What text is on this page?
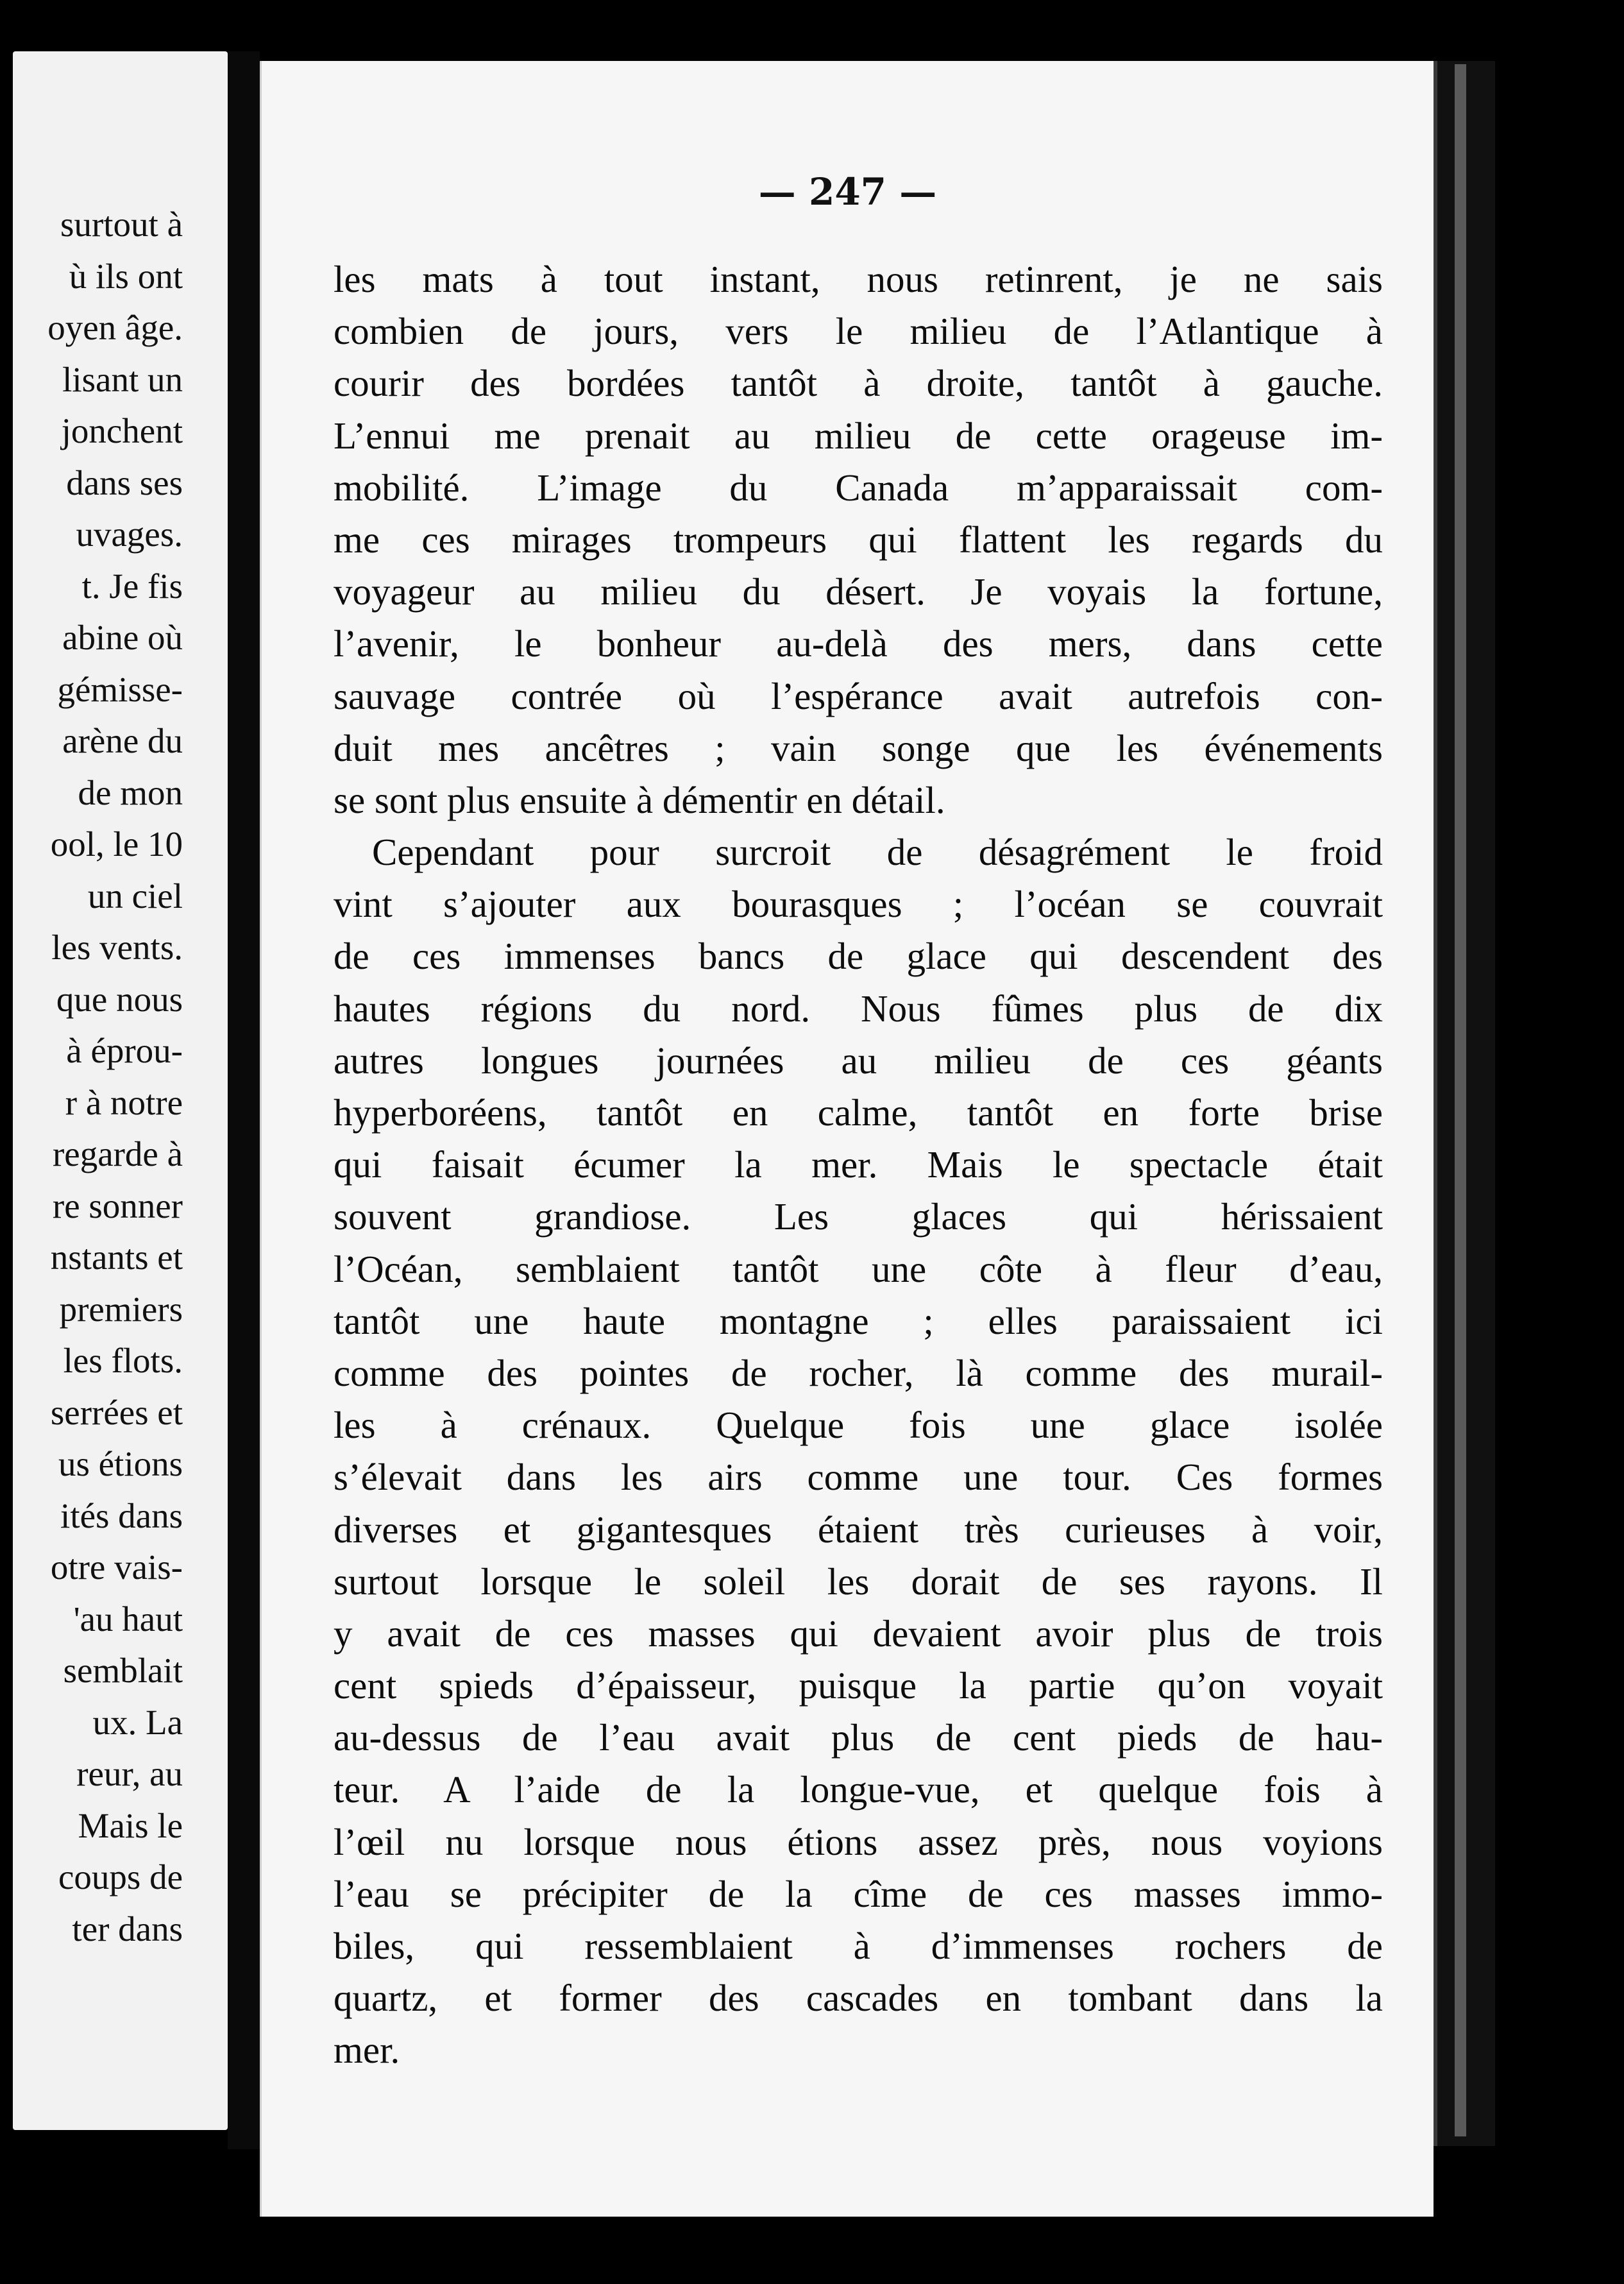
surtout à
ù ils ont
oyen âge.
lisant un
jonchent
dans ses
uvages.
t. Je fis
abine où
gémisse-
arène du
de mon
ool, le 10
un ciel
les vents.
que nous
à éprou-
r à notre
regarde à
re sonner
nstants et
premiers
les flots.
serrées et
us étions
ités dans
otre vais-
'au haut
semblait
ux. La
reur, au
Mais le
coups de
ter dans
— 247 —
les mats à tout instant, nous retinrent, je ne sais
combien de jours, vers le milieu de l’Atlantique à
courir des bordées tantôt à droite, tantôt à gauche.
L’ennui me prenait au milieu de cette orageuse im-
mobilité. L’image du Canada m’apparaissait com-
me ces mirages trompeurs qui flattent les regards du
voyageur au milieu du désert. Je voyais la fortune,
l’avenir, le bonheur au-delà des mers, dans cette
sauvage contrée où l’espérance avait autrefois con-
duit mes ancêtres ; vain songe que les événements
se sont plus ensuite à démentir en détail.
Cependant pour surcroit de désagrément le froid
vint s’ajouter aux bourasques ; l’océan se couvrait
de ces immenses bancs de glace qui descendent des
hautes régions du nord. Nous fûmes plus de dix
autres longues journées au milieu de ces géants
hyperboréens, tantôt en calme, tantôt en forte brise
qui faisait écumer la mer. Mais le spectacle était
souvent grandiose. Les glaces qui hérissaient
l’Océan, semblaient tantôt une côte à fleur d’eau,
tantôt une haute montagne ; elles paraissaient ici
comme des pointes de rocher, là comme des murail-
les à crénaux. Quelque fois une glace isolée
s’élevait dans les airs comme une tour. Ces formes
diverses et gigantesques étaient très curieuses à voir,
surtout lorsque le soleil les dorait de ses rayons. Il
y avait de ces masses qui devaient avoir plus de trois
cent spieds d’épaisseur, puisque la partie qu’on voyait
au-dessus de l’eau avait plus de cent pieds de hau-
teur. A l’aide de la longue-vue, et quelque fois à
l’œil nu lorsque nous étions assez près, nous voyions
l’eau se précipiter de la cîme de ces masses immo-
biles, qui ressemblaient à d’immenses rochers de
quartz, et former des cascades en tombant dans la
mer.
